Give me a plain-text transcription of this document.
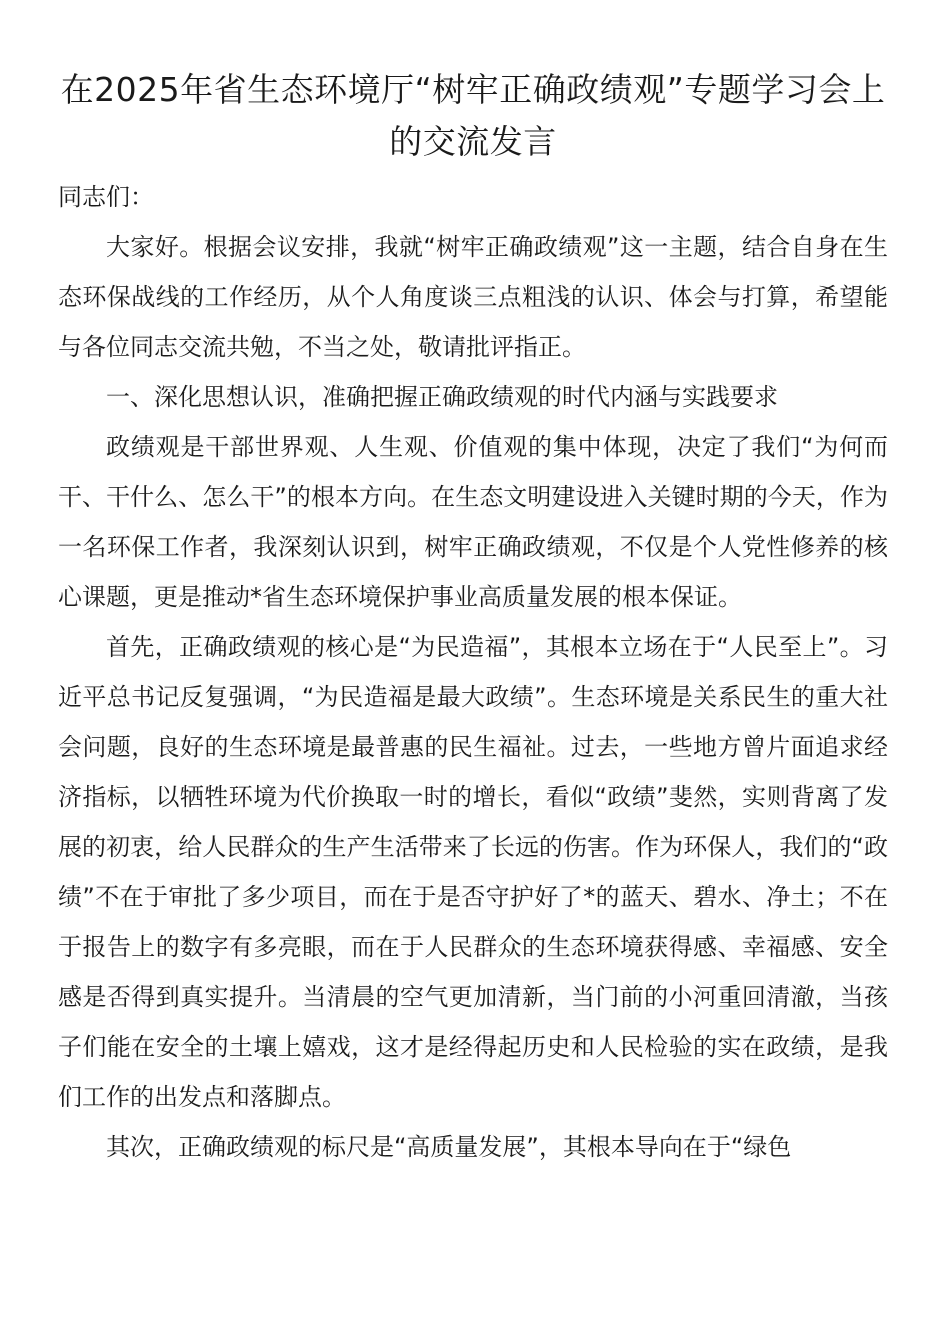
在2025年省生态环境厅“树牢正确政绩观”专题学习会上的交流发言

同志们：

大家好。根据会议安排，我就“树牢正确政绩观”这一主题，结合自身在生态环保战线的工作经历，从个人角度谈三点粗浅的认识、体会与打算，希望能与各位同志交流共勉，不当之处，敬请批评指正。

一、深化思想认识，准确把握正确政绩观的时代内涵与实践要求

政绩观是干部世界观、人生观、价值观的集中体现，决定了我们“为何而干、干什么、怎么干”的根本方向。在生态文明建设进入关键时期的今天，作为一名环保工作者，我深刻认识到，树牢正确政绩观，不仅是个人党性修养的核心课题，更是推动*省生态环境保护事业高质量发展的根本保证。

首先，正确政绩观的核心是“为民造福”，其根本立场在于“人民至上”。习近平总书记反复强调，“为民造福是最大政绩”。生态环境是关系民生的重大社会问题，良好的生态环境是最普惠的民生福祉。过去，一些地方曾片面追求经济指标，以牺牲环境为代价换取一时的增长，看似“政绩”斐然，实则背离了发展的初衷，给人民群众的生产生活带来了长远的伤害。作为环保人，我们的“政绩”不在于审批了多少项目，而在于是否守护好了*的蓝天、碧水、净土；不在于报告上的数字有多亮眼，而在于人民群众的生态环境获得感、幸福感、安全感是否得到真实提升。当清晨的空气更加清新，当门前的小河重回清澈，当孩子们能在安全的土壤上嬉戏，这才是经得起历史和人民检验的实在政绩，是我们工作的出发点和落脚点。

其次，正确政绩观的标尺是“高质量发展”，其根本导向在于“绿色
